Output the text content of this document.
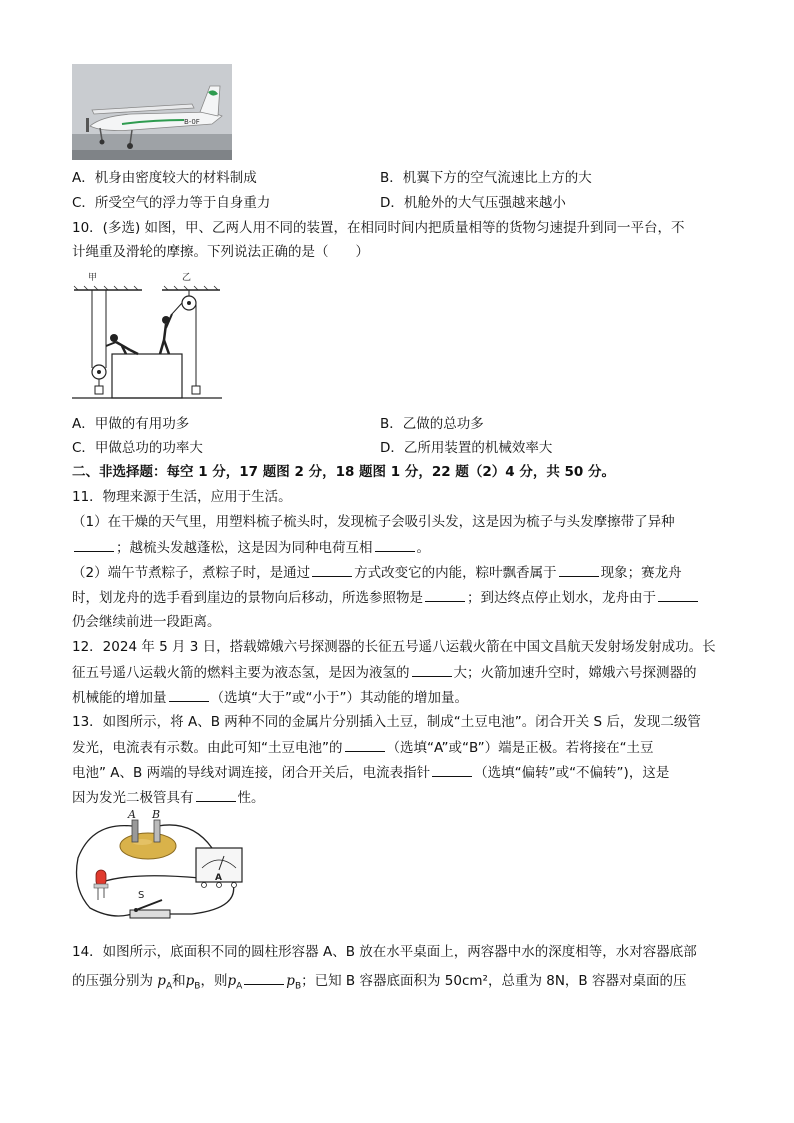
B-0F
A．机身由密度较大的材料制成	B．机翼下方的空气流速比上方的大
C．所受空气的浮力等于自身重力	D．机舱外的大气压强越来越小
10．(多选) 如图，甲、乙两人用不同的装置，在相同时间内把质量相等的货物匀速提升到同一平台，不
计绳重及滑轮的摩擦。下列说法正确的是（　　）
甲	乙
A．甲做的有用功多	B．乙做的总功多
C．甲做总功的功率大	D．乙所用装置的机械效率大
二、非选择题：每空 1 分，17 题图 2 分，18 题图 1 分，22 题（2）4 分，共 50 分。
11．物理来源于生活，应用于生活。
（1）在干燥的天气里，用塑料梳子梳头时，发现梳子会吸引头发，这是因为梳子与头发摩擦带了异种
；越梳头发越蓬松，这是因为同种电荷互相	。
（2）端午节煮粽子，煮粽子时，是通过	方式改变它的内能，粽叶飘香属于	现象；赛龙舟
时，划龙舟的选手看到崖边的景物向后移动，所选参照物是	；到达终点停止划水，龙舟由于
仍会继续前进一段距离。
12．2024 年 5 月 3 日，搭载嫦娥六号探测器的长征五号遥八运载火箭在中国文昌航天发射场发射成功。长
征五号遥八运载火箭的燃料主要为液态氢，是因为液氢的	大；火箭加速升空时，嫦娥六号探测器的
机械能的增加量	（选填“大于”或“小于”）其动能的增加量。
13．如图所示，将 A、B 两种不同的金属片分别插入土豆，制成“土豆电池”。闭合开关 S 后，发现二级管
发光，电流表有示数。由此可知“土豆电池”的	（选填“A”或“B”）端是正极。若将接在“土豆
电池” A、B 两端的导线对调连接，闭合开关后，电流表指针	（选填“偏转”或“不偏转”)，这是
因为发光二极管具有	性。
A B
A
S
14．如图所示，底面积不同的圆柱形容器 A、B 放在水平桌面上，两容器中水的深度相等，水对容器底部
的压强分别为 $p_A$和$p_B$，则$p_A$	$p_B$；已知 B 容器底面积为 50cm²，总重为 8N，B 容器对桌面的压
